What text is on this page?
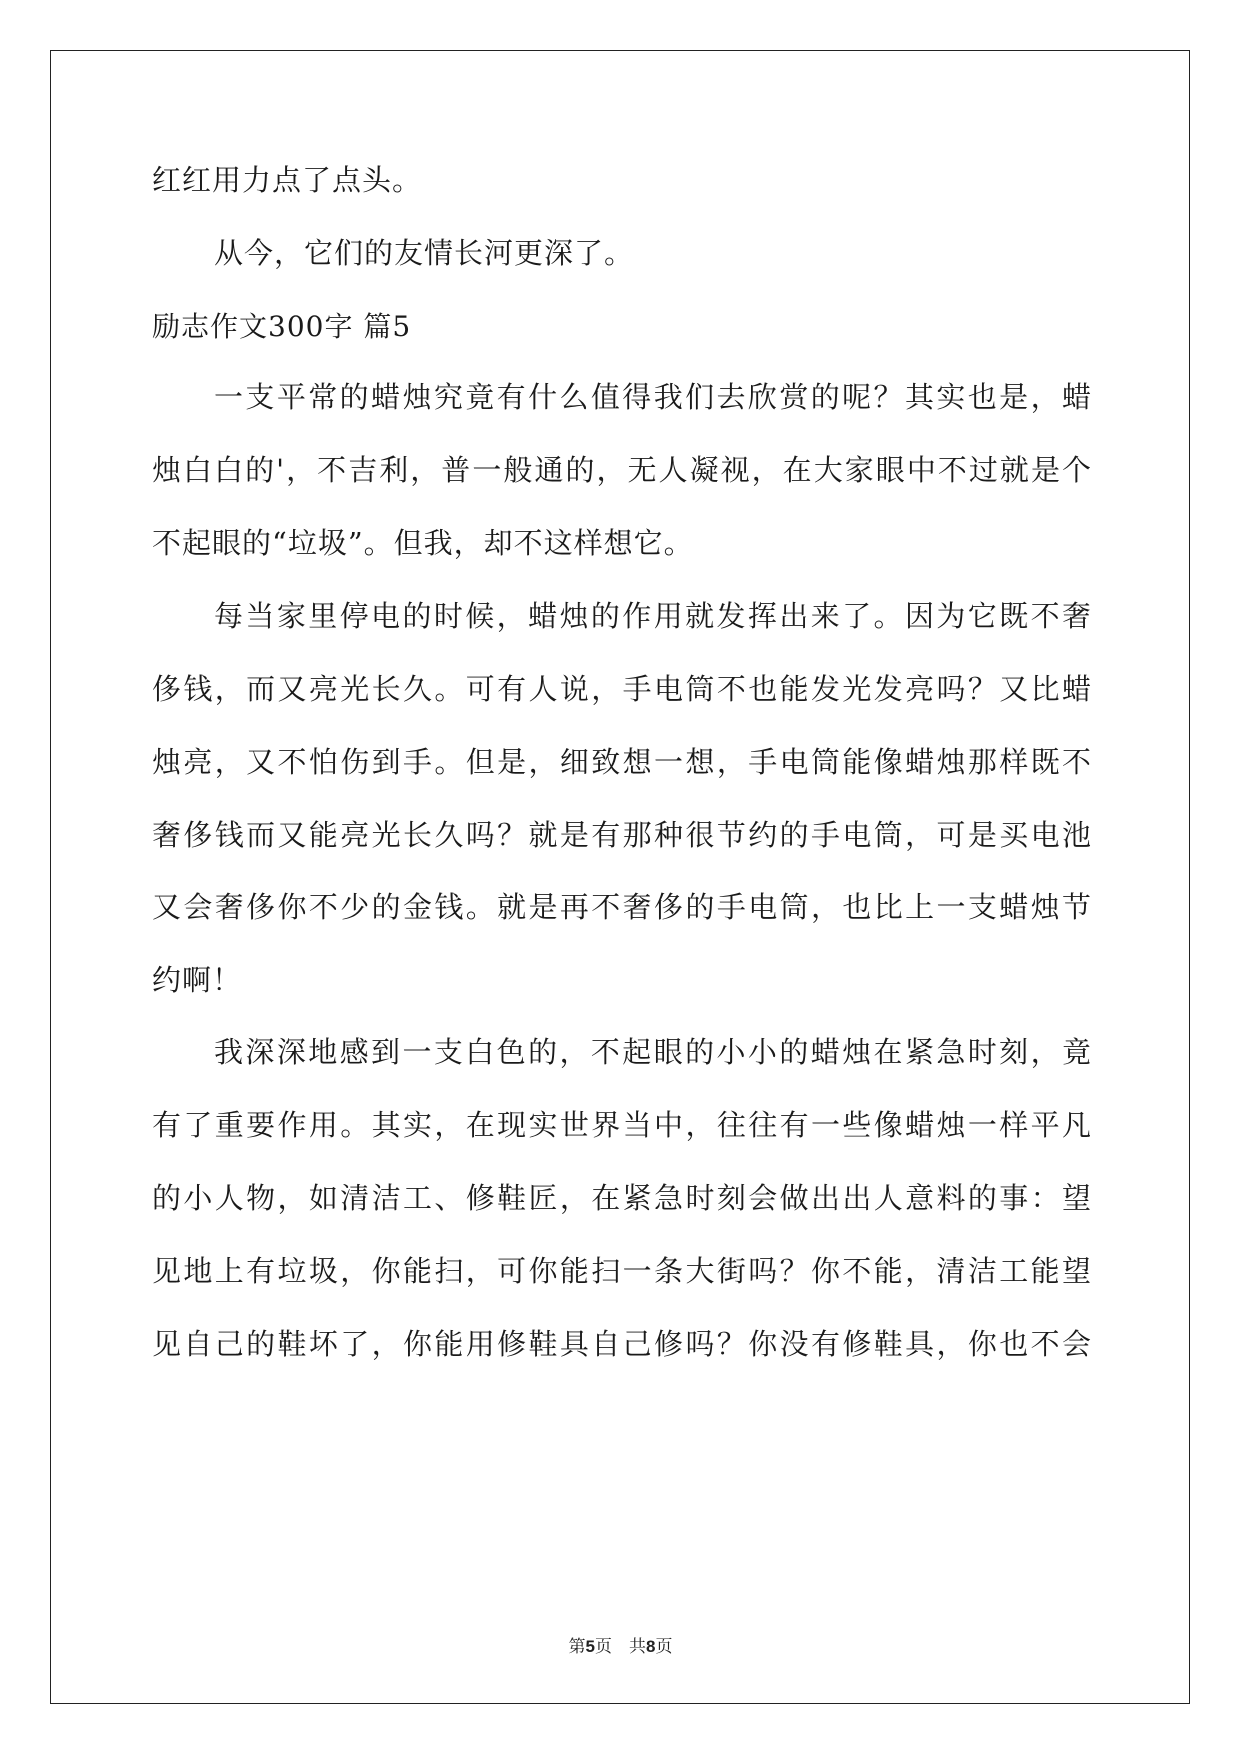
红红用力点了点头。
从今，它们的友情长河更深了。
励志作文300字 篇5
一支平常的蜡烛究竟有什么值得我们去欣赏的呢？其实也是，蜡
烛白白的'，不吉利，普一般通的，无人凝视，在大家眼中不过就是个
不起眼的“垃圾”。但我，却不这样想它。
每当家里停电的时候，蜡烛的作用就发挥出来了。因为它既不奢
侈钱，而又亮光长久。可有人说，手电筒不也能发光发亮吗？又比蜡
烛亮，又不怕伤到手。但是，细致想一想，手电筒能像蜡烛那样既不
奢侈钱而又能亮光长久吗？就是有那种很节约的手电筒，可是买电池
又会奢侈你不少的金钱。就是再不奢侈的手电筒，也比上一支蜡烛节
约啊！
我深深地感到一支白色的，不起眼的小小的蜡烛在紧急时刻，竟
有了重要作用。其实，在现实世界当中，往往有一些像蜡烛一样平凡
的小人物，如清洁工、修鞋匠，在紧急时刻会做出出人意料的事：望
见地上有垃圾，你能扫，可你能扫一条大街吗？你不能，清洁工能望
见自己的鞋坏了，你能用修鞋具自己修吗？你没有修鞋具，你也不会
第5页　共8页
